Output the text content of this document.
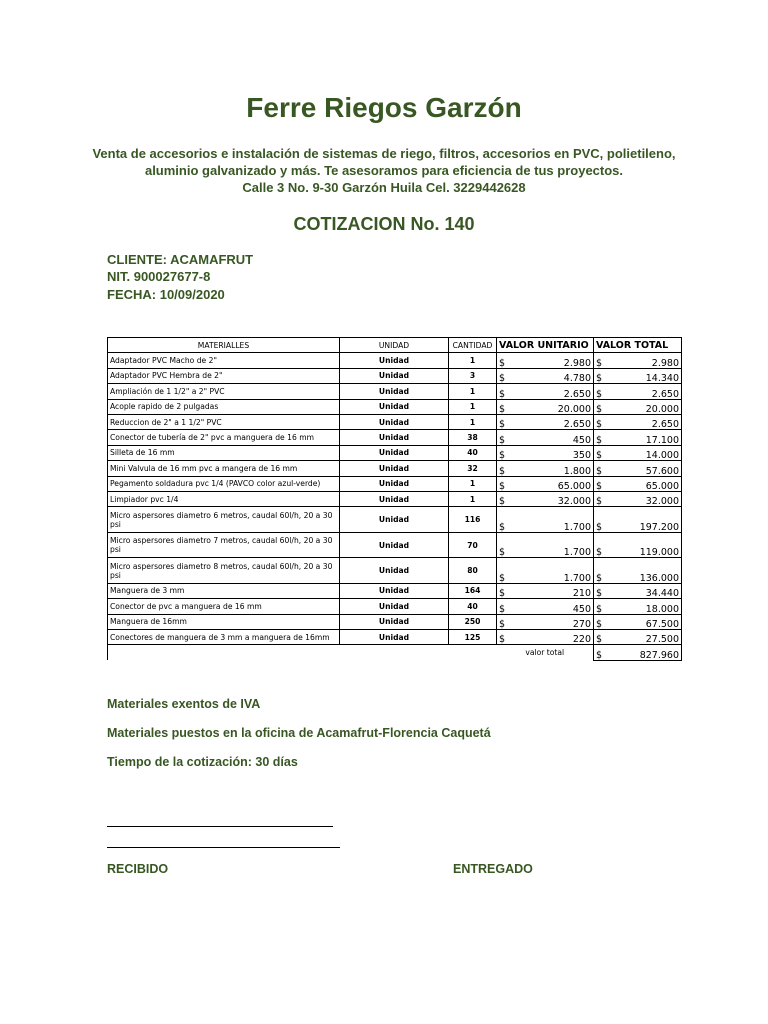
Ferre Riegos Garzón
Venta de accesorios e instalación de sistemas de riego, filtros, accesorios en PVC, polietileno,
aluminio galvanizado y más. Te asesoramos para eficiencia de tus proyectos.
Calle 3 No. 9-30 Garzón Huila Cel. 3229442628
COTIZACION No. 140
CLIENTE: ACAMAFRUT
NIT. 900027677-8
FECHA: 10/09/2020
MATERIALLES	UNIDAD	CANTIDAD	VALOR UNITARIO	VALOR TOTAL
Adaptador PVC Macho de 2"	Unidad	1	$ 2.980	$ 2.980

Adaptador PVC Hembra de 2"	Unidad	3	$ 4.780	$ 14.340

Ampliación de 1 1/2" a 2" PVC	Unidad	1	$ 2.650	$ 2.650

Acople rapido de 2 pulgadas	Unidad	1	$ 20.000	$ 20.000

Reduccion de 2" a 1 1/2" PVC	Unidad	1	$ 2.650	$ 2.650

Conector de tubería de 2" pvc a manguera de 16 mm	Unidad	38	$ 450	$ 17.100

Silleta de 16 mm	Unidad	40	$ 350	$ 14.000

Mini Valvula de 16 mm pvc a mangera de 16 mm	Unidad	32	$ 1.800	$ 57.600

Pegamento soldadura pvc 1/4 (PAVCO color azul-verde)	Unidad	1	$ 65.000	$ 65.000

Limpiador pvc 1/4	Unidad	1	$ 32.000	$ 32.000

Micro aspersores diametro 6 metros, caudal 60l/h, 20 a 30 psi	Unidad	116	$ 1.700	$ 197.200

Micro aspersores diametro 7 metros, caudal 60l/h, 20 a 30 psi	Unidad	70	$ 1.700	$ 119.000

Micro aspersores diametro 8 metros, caudal 60l/h, 20 a 30 psi	Unidad	80	$ 1.700	$ 136.000

Manguera de 3 mm	Unidad	164	$ 210	$ 34.440

Conector de pvc a manguera de 16 mm	Unidad	40	$ 450	$ 18.000

Manguera de 16mm	Unidad	250	$ 270	$ 67.500

Conectores de manguera de 3 mm a manguera de 16mm	Unidad	125	$ 220	$ 27.500

			valor total	$ 827.960
Materiales exentos de IVA
Materiales puestos en la oficina de Acamafrut-Florencia Caquetá
Tiempo de la cotización: 30 días
RECIBIDO	ENTREGADO
